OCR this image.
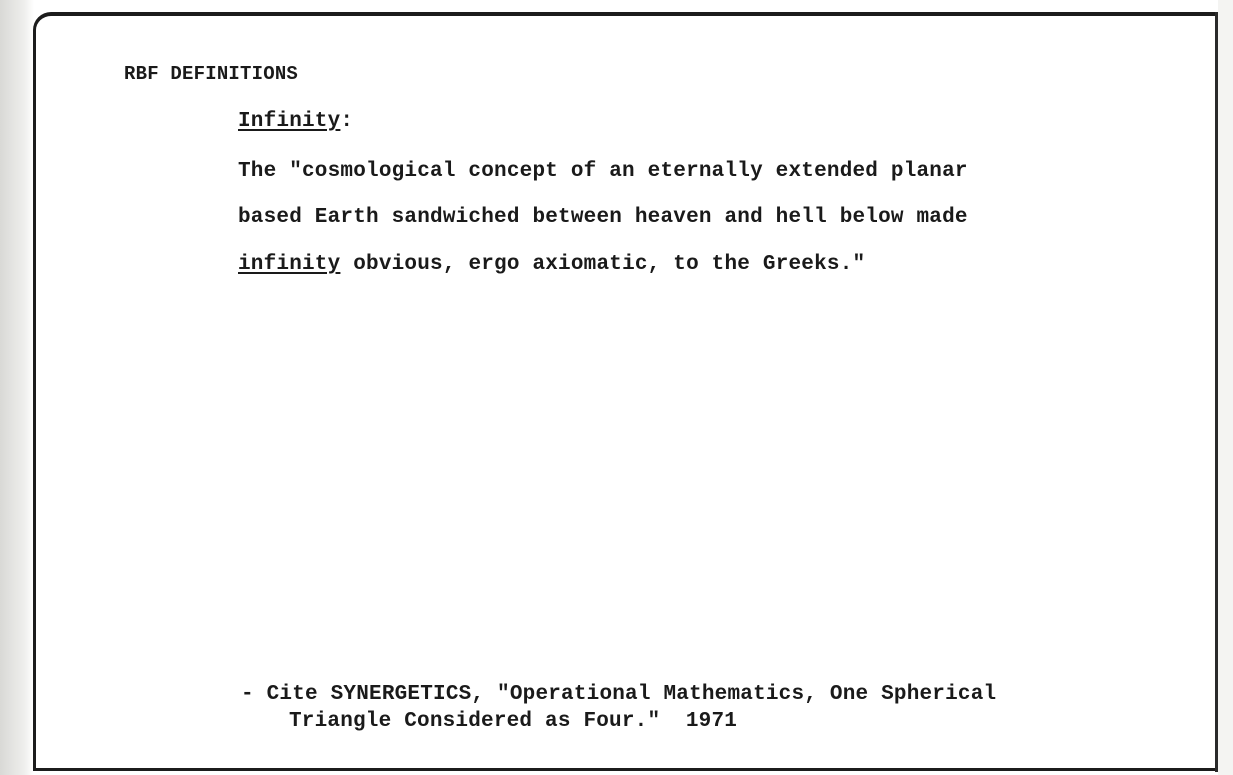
RBF DEFINITIONS
Infinity:
The "cosmological concept of an eternally extended planar
based Earth sandwiched between heaven and hell below made
infinity obvious, ergo axiomatic, to the Greeks."
- Cite SYNERGETICS, "Operational Mathematics, One Spherical
Triangle Considered as Four."  1971
